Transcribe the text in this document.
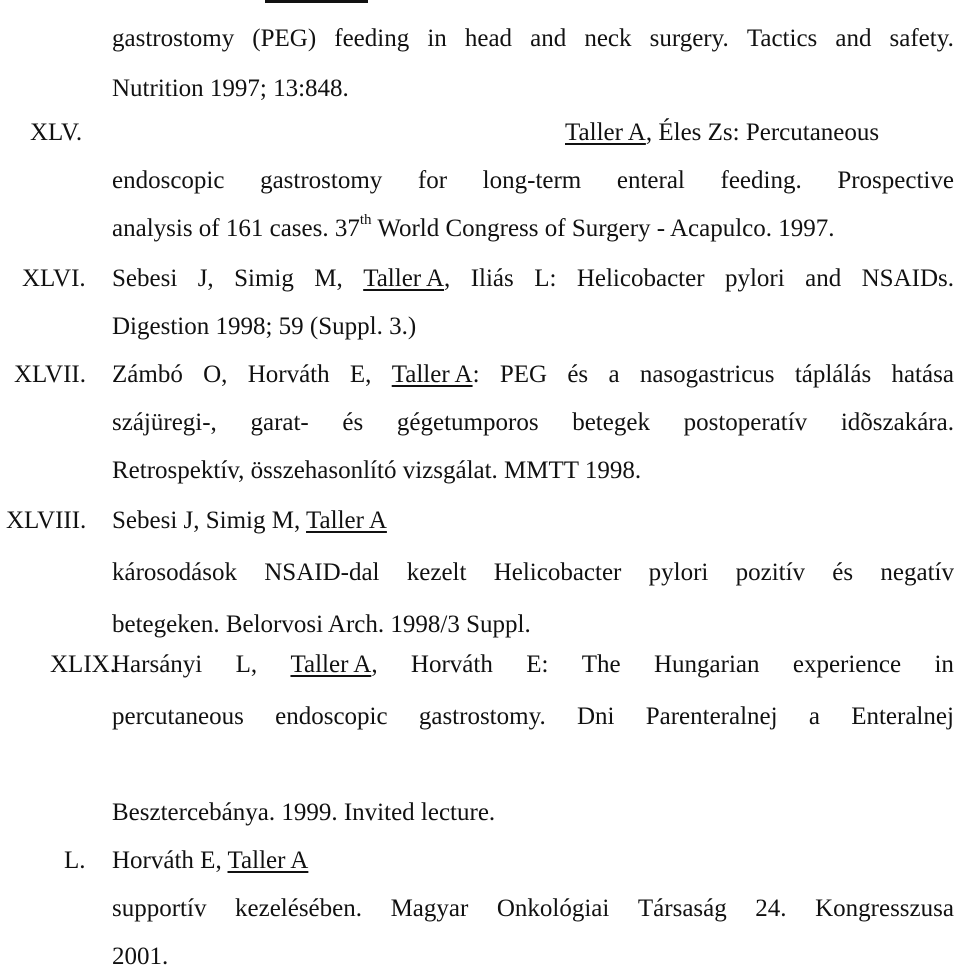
gastrostomy (PEG) feeding in head and neck surgery. Tactics and safety.
Nutrition 1997; 13:848.
XLV.	Taller A, Éles Zs: Percutaneous
endoscopic gastrostomy for long-term enteral feeding. Prospective
analysis of 161 cases. 37th World Congress of Surgery - Acapulco. 1997.
XLVI. Sebesi J, Simig M, Taller A, Iliás L: Helicobacter pylori and NSAIDs.
Digestion 1998; 59 (Suppl. 3.)
XLVII. Zámbó O, Horváth E, Taller A: PEG és a nasogastricus táplálás hatása
szájüregi-, garat- és gégetumporos betegek postoperatív idõszakára.
Retrospektív, összehasonlító vizsgálat. MMTT 1998.
XLVIII. Sebesi J, Simig M, Taller A
károsodások NSAID-dal kezelt Helicobacter pylori pozitív és negatív
betegeken. Belorvosi Arch. 1998/3 Suppl.
XLIX.
Harsányi L, Taller A, Horváth E: The Hungarian experience in
percutaneous endoscopic gastrostomy. Dni Parenteralnej a Enteralnej
Besztercebánya. 1999. Invited lecture.
L. Horváth E, Taller A
supportív kezelésében. Magyar Onkológiai Társaság 24. Kongresszusa
2001.
